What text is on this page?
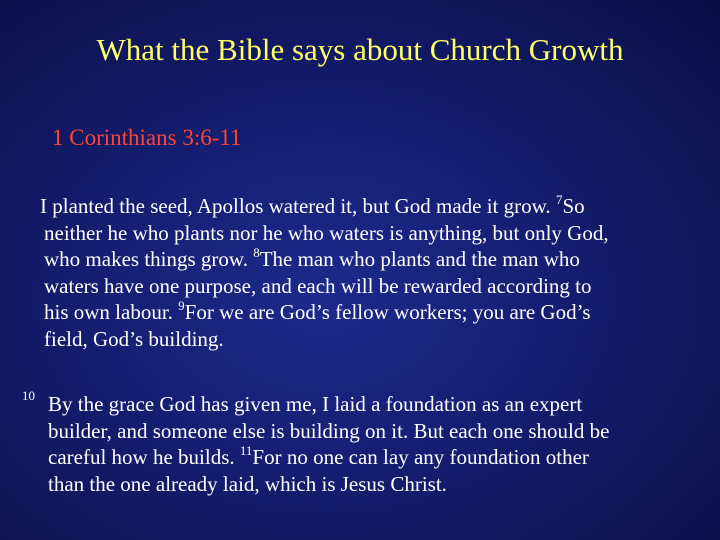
What the Bible says about Church Growth
1 Corinthians 3:6-11
I planted the seed, Apollos watered it, but God made it grow. $^7$So
neither he who plants nor he who waters is anything, but only God,
who makes things grow. $^8$The man who plants and the man who
waters have one purpose, and each will be rewarded according to
his own labour. $^9$For we are God’s fellow workers; you are God’s
field, God’s building.
10 By the grace God has given me, I laid a foundation as an expert
builder, and someone else is building on it. But each one should be
careful how he builds. $^{11}$For no one can lay any foundation other
than the one already laid, which is Jesus Christ.
